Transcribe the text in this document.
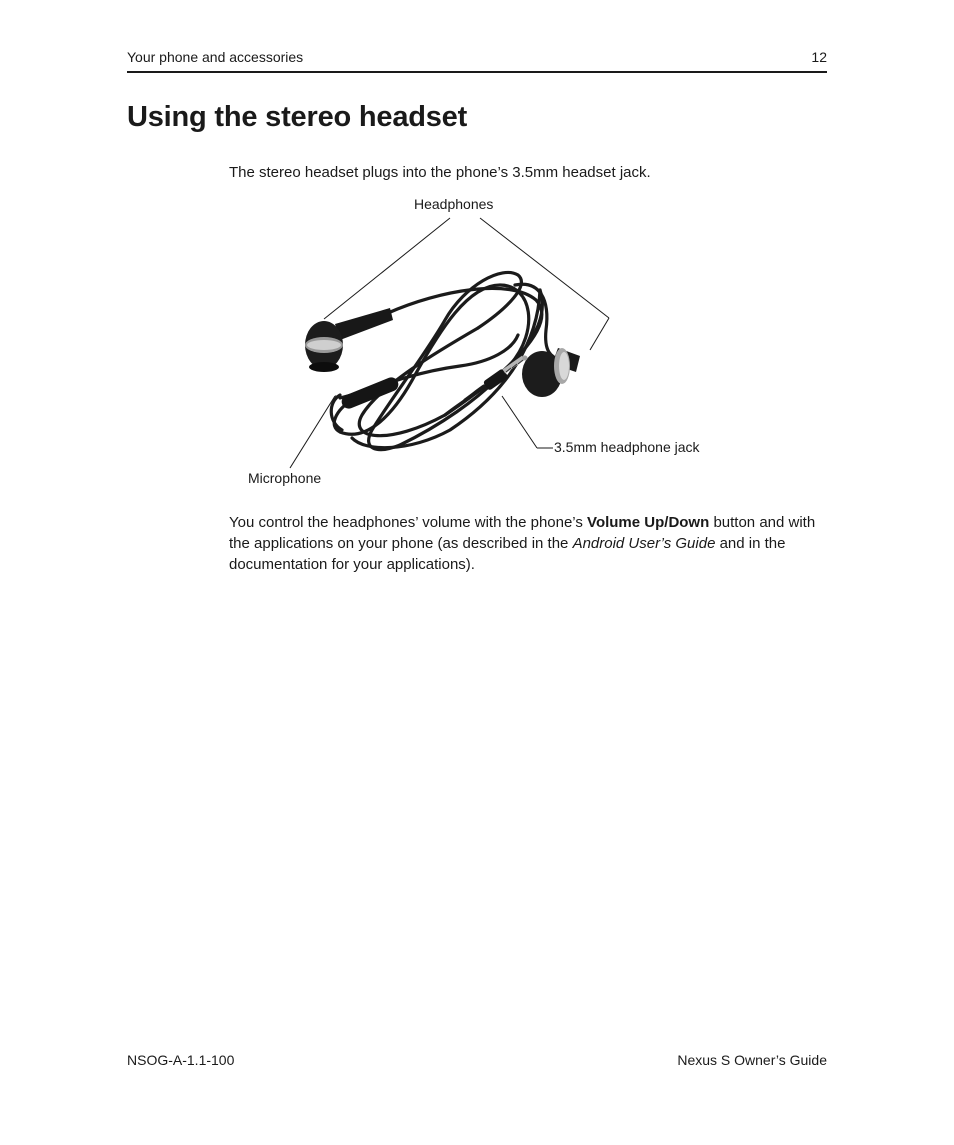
Your phone and accessories	12
Using the stereo headset

The stereo headset plugs into the phone’s 3.5mm headset jack.

Headphones
3.5mm headphone jack
Microphone

You control the headphones’ volume with the phone’s Volume Up/Down button and with the applications on your phone (as described in the Android User’s Guide and in the documentation for your applications).

NSOG-A-1.1-100	Nexus S Owner’s Guide
